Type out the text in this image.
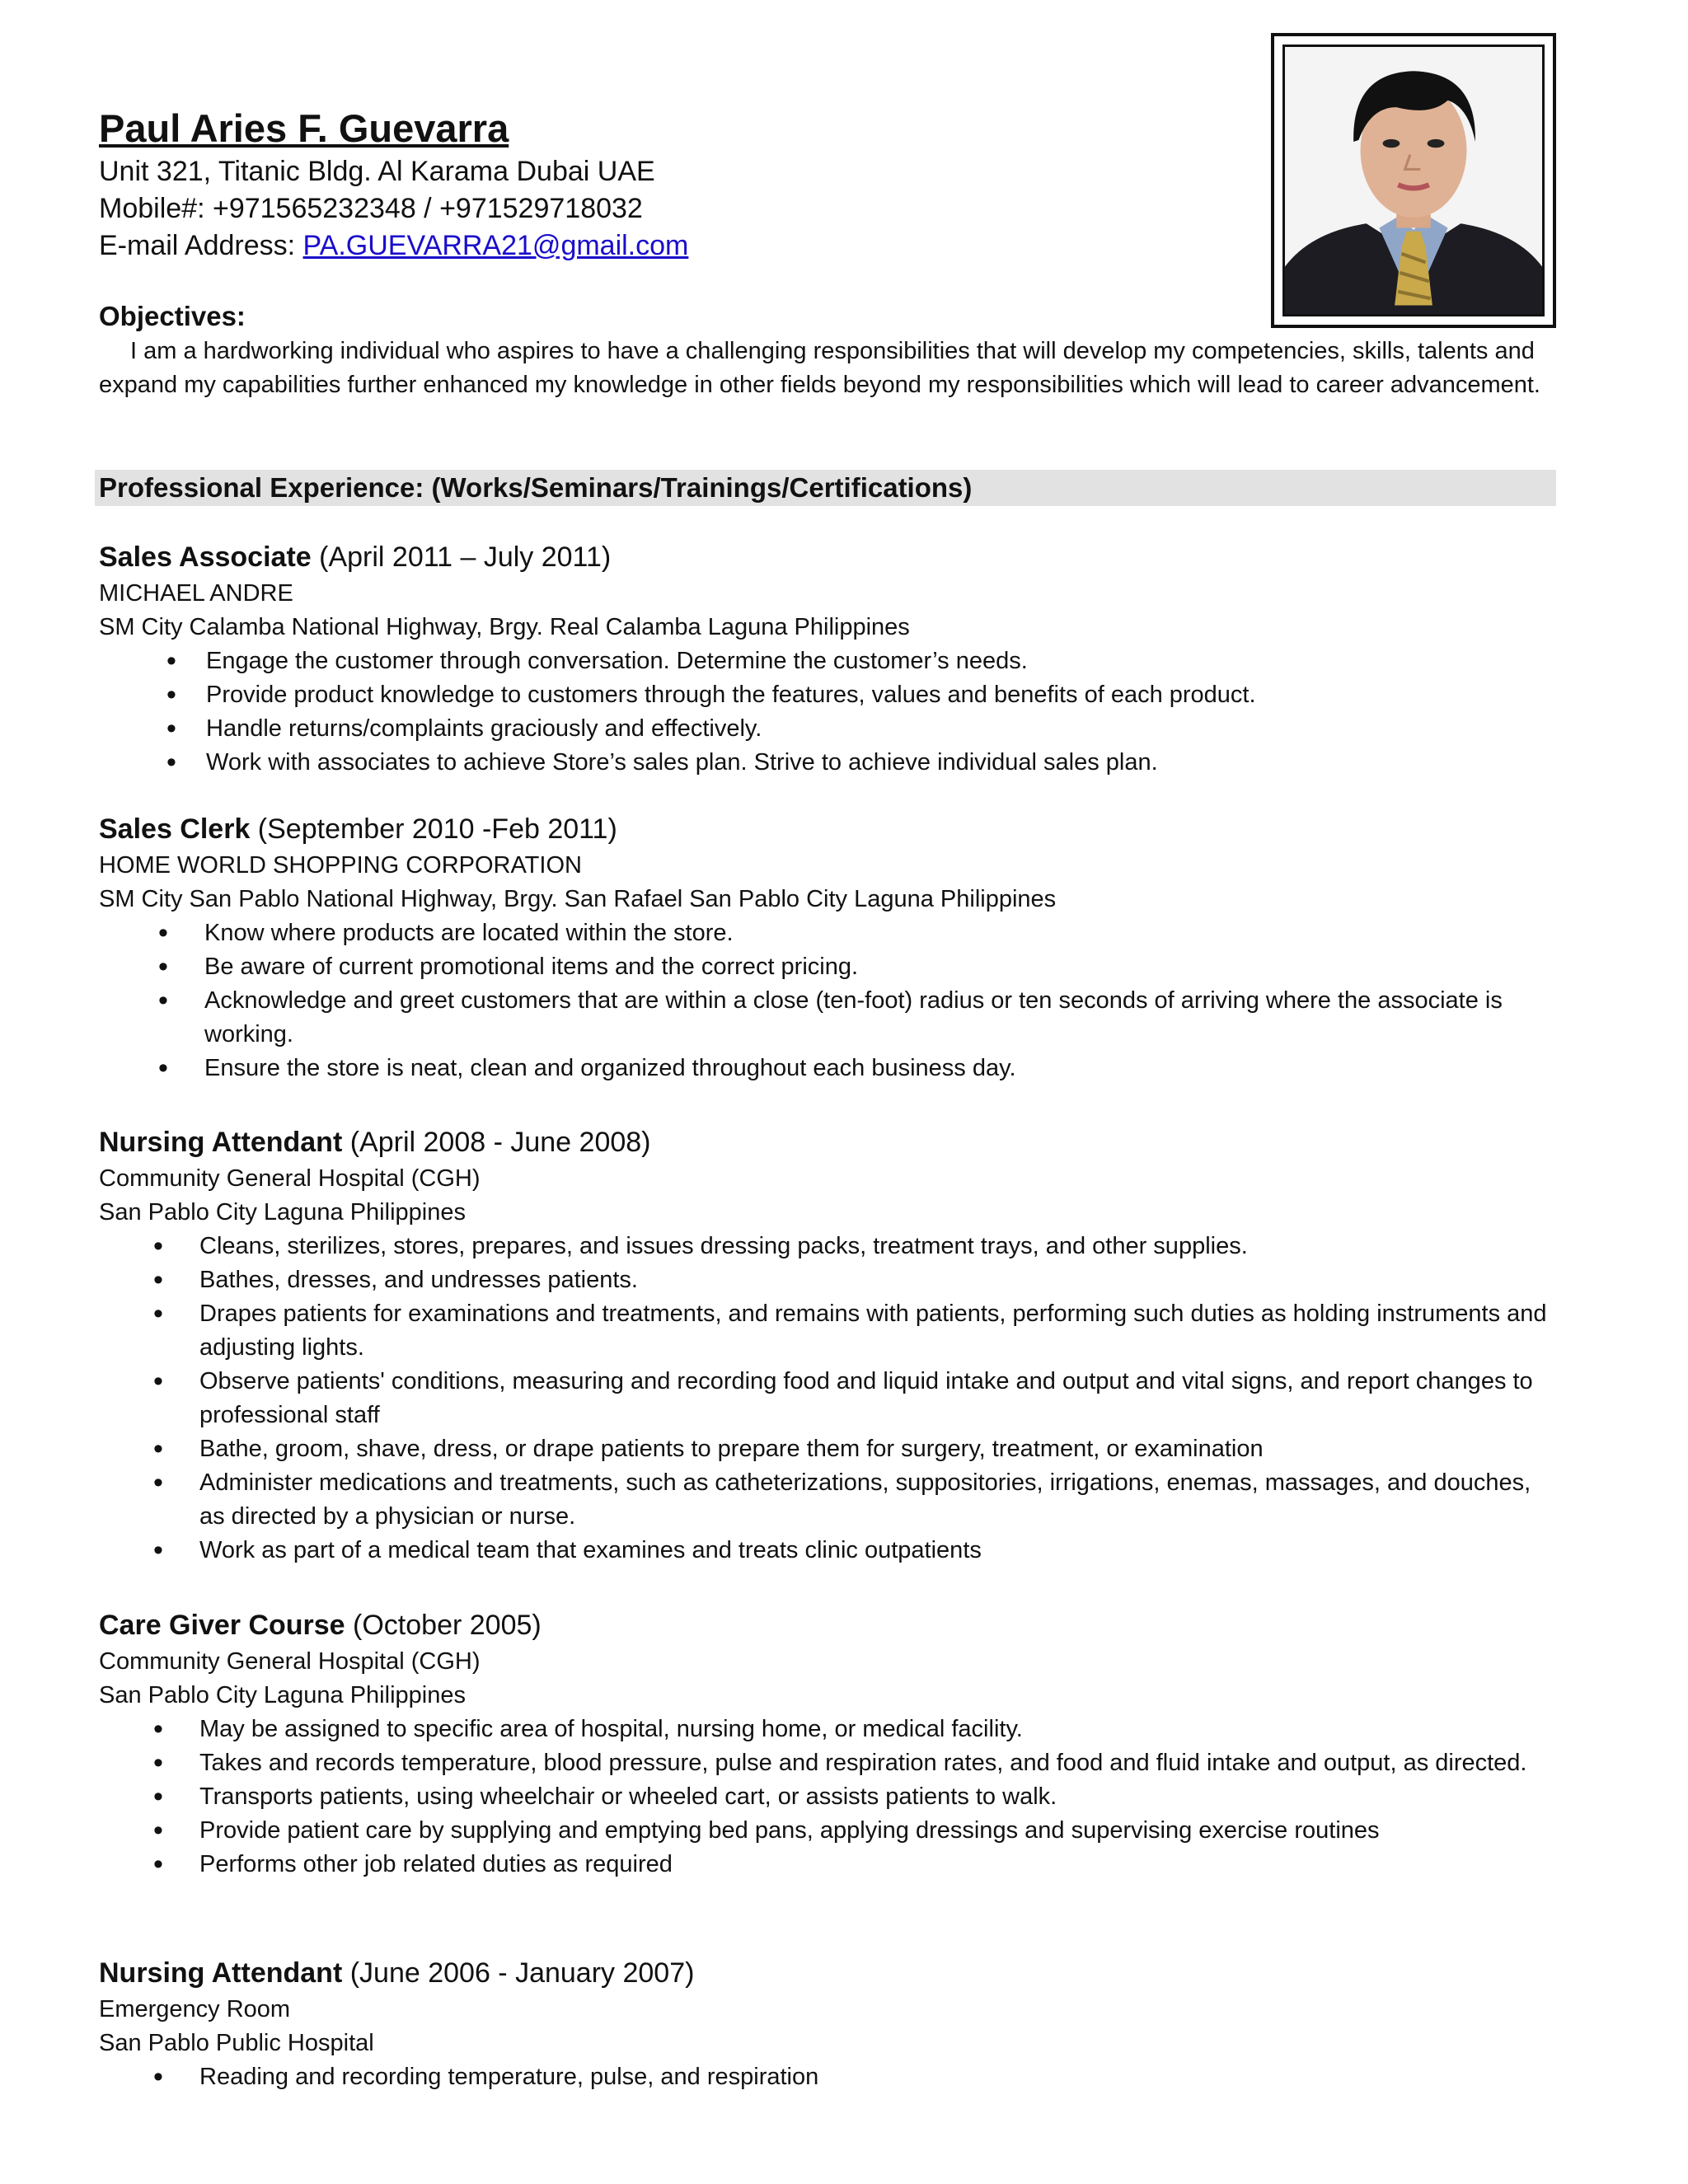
Paul Aries F. Guevarra
Unit 321, Titanic Bldg. Al Karama Dubai UAE
Mobile#: +971565232348 / +971529718032
E-mail Address: PA.GUEVARRA21@gmail.com
Objectives:
I am a hardworking individual who aspires to have a challenging responsibilities that will develop my competencies, skills, talents and expand my capabilities further enhanced my knowledge in other fields beyond my responsibilities which will lead to career advancement.
Professional Experience: (Works/Seminars/Trainings/Certifications)
Sales Associate (April 2011 – July 2011)
MICHAEL ANDRE
SM City Calamba National Highway, Brgy. Real Calamba Laguna Philippines
• Engage the customer through conversation. Determine the customer’s needs.
• Provide product knowledge to customers through the features, values and benefits of each product.
• Handle returns/complaints graciously and effectively.
• Work with associates to achieve Store’s sales plan. Strive to achieve individual sales plan.
Sales Clerk (September 2010 -Feb 2011)
HOME WORLD SHOPPING CORPORATION
SM City San Pablo National Highway, Brgy. San Rafael San Pablo City Laguna Philippines
• Know where products are located within the store.
• Be aware of current promotional items and the correct pricing.
• Acknowledge and greet customers that are within a close (ten-foot) radius or ten seconds of arriving where the associate is working.
• Ensure the store is neat, clean and organized throughout each business day.
Nursing Attendant (April 2008 - June 2008)
Community General Hospital (CGH)
San Pablo City Laguna Philippines
• Cleans, sterilizes, stores, prepares, and issues dressing packs, treatment trays, and other supplies.
• Bathes, dresses, and undresses patients.
• Drapes patients for examinations and treatments, and remains with patients, performing such duties as holding instruments and adjusting lights.
• Observe patients' conditions, measuring and recording food and liquid intake and output and vital signs, and report changes to professional staff
• Bathe, groom, shave, dress, or drape patients to prepare them for surgery, treatment, or examination
• Administer medications and treatments, such as catheterizations, suppositories, irrigations, enemas, massages, and douches, as directed by a physician or nurse.
• Work as part of a medical team that examines and treats clinic outpatients
Care Giver Course (October 2005)
Community General Hospital (CGH)
San Pablo City Laguna Philippines
• May be assigned to specific area of hospital, nursing home, or medical facility.
• Takes and records temperature, blood pressure, pulse and respiration rates, and food and fluid intake and output, as directed.
• Transports patients, using wheelchair or wheeled cart, or assists patients to walk.
• Provide patient care by supplying and emptying bed pans, applying dressings and supervising exercise routines
• Performs other job related duties as required
Nursing Attendant (June 2006 - January 2007)
Emergency Room
San Pablo Public Hospital
• Reading and recording temperature, pulse, and respiration
